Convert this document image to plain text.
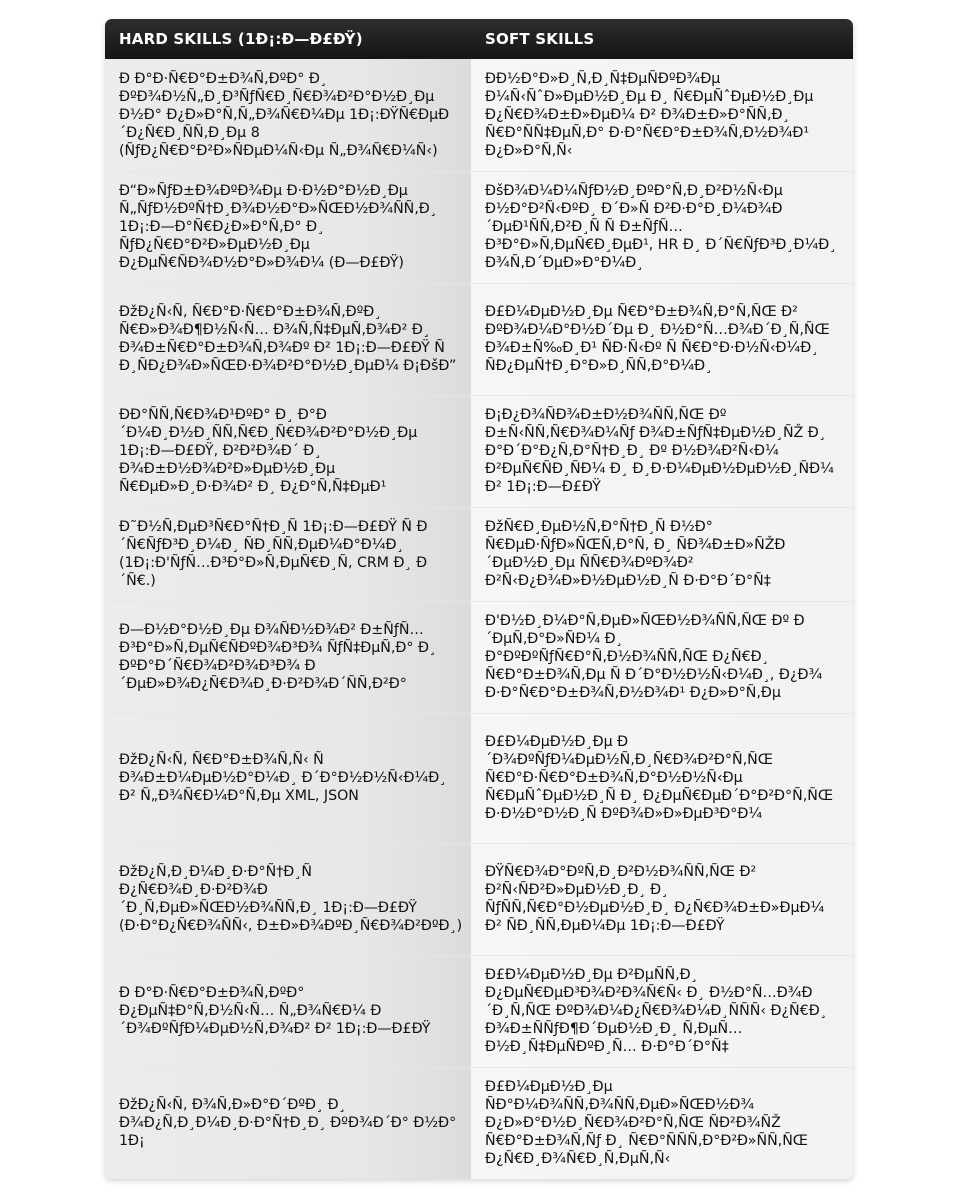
HARD SKILLS (1Ð¡:Ð—Ð£ÐŸ)	SOFT SKILLS
Ð Ð°Ð·Ñ€Ð°Ð±Ð¾Ñ‚ÐºÐ° Ð¸ ÐºÐ¾Ð½Ñ„Ð¸Ð³ÑƒÑ€Ð¸Ñ€Ð¾Ð²Ð°Ð½Ð¸Ðµ Ð½Ð° Ð¿Ð»Ð°Ñ‚Ñ„Ð¾Ñ€Ð¼Ðµ 1Ð¡:ÐŸÑ€ÐµÐ´Ð¿Ñ€Ð¸ÑÑ‚Ð¸Ðµ 8 (ÑƒÐ¿Ñ€Ð°Ð²Ð»ÑÐµÐ¼Ñ‹Ðµ Ñ„Ð¾Ñ€Ð¼Ñ‹)	ÐÐ½Ð°Ð»Ð¸Ñ‚Ð¸Ñ‡ÐµÑÐºÐ¾Ðµ Ð¼Ñ‹ÑˆÐ»ÐµÐ½Ð¸Ðµ Ð¸ Ñ€ÐµÑˆÐµÐ½Ð¸Ðµ Ð¿Ñ€Ð¾Ð±Ð»ÐµÐ¼ Ð² Ð¾Ð±Ð»Ð°ÑÑ‚Ð¸ Ñ€Ð°ÑÑ‡ÐµÑ‚Ð° Ð·Ð°Ñ€Ð°Ð±Ð¾Ñ‚Ð½Ð¾Ð¹ Ð¿Ð»Ð°Ñ‚Ñ‹
Ð“Ð»ÑƒÐ±Ð¾ÐºÐ¾Ðµ Ð·Ð½Ð°Ð½Ð¸Ðµ Ñ„ÑƒÐ½ÐºÑ†Ð¸Ð¾Ð½Ð°Ð»ÑŒÐ½Ð¾ÑÑ‚Ð¸ 1Ð¡:Ð—Ð°Ñ€Ð¿Ð»Ð°Ñ‚Ð° Ð¸ ÑƒÐ¿Ñ€Ð°Ð²Ð»ÐµÐ½Ð¸Ðµ Ð¿ÐµÑ€ÑÐ¾Ð½Ð°Ð»Ð¾Ð¼ (Ð—Ð£ÐŸ)	ÐšÐ¾Ð¼Ð¼ÑƒÐ½Ð¸ÐºÐ°Ñ‚Ð¸Ð²Ð½Ñ‹Ðµ Ð½Ð°Ð²Ñ‹ÐºÐ¸ Ð´Ð»Ñ Ð²Ð·Ð°Ð¸Ð¼Ð¾Ð´ÐµÐ¹ÑÑ‚Ð²Ð¸Ñ Ñ Ð±ÑƒÑ…Ð³Ð°Ð»Ñ‚ÐµÑ€Ð¸ÐµÐ¹, HR Ð¸ Ð´Ñ€ÑƒÐ³Ð¸Ð¼Ð¸ Ð¾Ñ‚Ð´ÐµÐ»Ð°Ð¼Ð¸
ÐžÐ¿Ñ‹Ñ‚ Ñ€Ð°Ð·Ñ€Ð°Ð±Ð¾Ñ‚ÐºÐ¸ Ñ€Ð»Ð¾Ð¶Ð½Ñ‹Ñ… Ð¾Ñ‚Ñ‡ÐµÑ‚Ð¾Ð² Ð¸ Ð¾Ð±Ñ€Ð°Ð±Ð¾Ñ‚Ð¾Ðº Ð² 1Ð¡:Ð—Ð£ÐŸ Ñ Ð¸ÑÐ¿Ð¾Ð»ÑŒÐ·Ð¾Ð²Ð°Ð½Ð¸ÐµÐ¼ Ð¡ÐšÐ”	Ð£Ð¼ÐµÐ½Ð¸Ðµ Ñ€Ð°Ð±Ð¾Ñ‚Ð°Ñ‚ÑŒ Ð² ÐºÐ¾Ð¼Ð°Ð½Ð´Ðµ Ð¸ Ð½Ð°Ñ…Ð¾Ð´Ð¸Ñ‚ÑŒ Ð¾Ð±Ñ‰Ð¸Ð¹ ÑÐ·Ñ‹Ðº Ñ Ñ€Ð°Ð·Ð½Ñ‹Ð¼Ð¸ ÑÐ¿ÐµÑ†Ð¸Ð°Ð»Ð¸ÑÑ‚Ð°Ð¼Ð¸
ÐÐ°ÑÑ‚Ñ€Ð¾Ð¹ÐºÐ° Ð¸ Ð°Ð´Ð¼Ð¸Ð½Ð¸ÑÑ‚Ñ€Ð¸Ñ€Ð¾Ð²Ð°Ð½Ð¸Ðµ 1Ð¡:Ð—Ð£ÐŸ, Ð²Ð²Ð¾Ð´ Ð¸ Ð¾Ð±Ð½Ð¾Ð²Ð»ÐµÐ½Ð¸Ðµ Ñ€ÐµÐ»Ð¸Ð·Ð¾Ð² Ð¸ Ð¿Ð°Ñ‚Ñ‡ÐµÐ¹	Ð¡Ð¿Ð¾ÑÐ¾Ð±Ð½Ð¾ÑÑ‚ÑŒ Ðº Ð±Ñ‹ÑÑ‚Ñ€Ð¾Ð¼Ñƒ Ð¾Ð±ÑƒÑ‡ÐµÐ½Ð¸ÑŽ Ð¸ Ð°Ð´Ð°Ð¿Ñ‚Ð°Ñ†Ð¸Ð¸ Ðº Ð½Ð¾Ð²Ñ‹Ð¼ Ð²ÐµÑ€ÑÐ¸ÑÐ¼ Ð¸ Ð¸Ð·Ð¼ÐµÐ½ÐµÐ½Ð¸ÑÐ¼ Ð² 1Ð¡:Ð—Ð£ÐŸ
Ð˜Ð½Ñ‚ÐµÐ³Ñ€Ð°Ñ†Ð¸Ñ 1Ð¡:Ð—Ð£ÐŸ Ñ Ð´Ñ€ÑƒÐ³Ð¸Ð¼Ð¸ ÑÐ¸ÑÑ‚ÐµÐ¼Ð°Ð¼Ð¸ (1Ð¡:Ð'ÑƒÑ…Ð³Ð°Ð»Ñ‚ÐµÑ€Ð¸Ñ, CRM Ð¸ Ð´Ñ€.)	ÐžÑ€Ð¸ÐµÐ½Ñ‚Ð°Ñ†Ð¸Ñ Ð½Ð° Ñ€ÐµÐ·ÑƒÐ»ÑŒÑ‚Ð°Ñ‚ Ð¸ ÑÐ¾Ð±Ð»ÑŽÐ´ÐµÐ½Ð¸Ðµ ÑÑ€Ð¾ÐºÐ¾Ð² Ð²Ñ‹Ð¿Ð¾Ð»Ð½ÐµÐ½Ð¸Ñ Ð·Ð°Ð´Ð°Ñ‡
Ð—Ð½Ð°Ð½Ð¸Ðµ Ð¾ÑÐ½Ð¾Ð² Ð±ÑƒÑ…Ð³Ð°Ð»Ñ‚ÐµÑ€ÑÐºÐ¾Ð³Ð¾ ÑƒÑ‡ÐµÑ‚Ð° Ð¸ ÐºÐ°Ð´Ñ€Ð¾Ð²Ð¾Ð³Ð¾ Ð´ÐµÐ»Ð¾Ð¿Ñ€Ð¾Ð¸Ð·Ð²Ð¾Ð´ÑÑ‚Ð²Ð°	Ð'Ð½Ð¸Ð¼Ð°Ñ‚ÐµÐ»ÑŒÐ½Ð¾ÑÑ‚ÑŒ Ðº Ð´ÐµÑ‚Ð°Ð»ÑÐ¼ Ð¸ Ð°ÐºÐºÑƒÑ€Ð°Ñ‚Ð½Ð¾ÑÑ‚ÑŒ Ð¿Ñ€Ð¸ Ñ€Ð°Ð±Ð¾Ñ‚Ðµ Ñ Ð´Ð°Ð½Ð½Ñ‹Ð¼Ð¸, Ð¿Ð¾ Ð·Ð°Ñ€Ð°Ð±Ð¾Ñ‚Ð½Ð¾Ð¹ Ð¿Ð»Ð°Ñ‚Ðµ
ÐžÐ¿Ñ‹Ñ‚ Ñ€Ð°Ð±Ð¾Ñ‚Ñ‹ Ñ Ð¾Ð±Ð¼ÐµÐ½Ð°Ð¼Ð¸ Ð´Ð°Ð½Ð½Ñ‹Ð¼Ð¸ Ð² Ñ„Ð¾Ñ€Ð¼Ð°Ñ‚Ðµ XML, JSON	Ð£Ð¼ÐµÐ½Ð¸Ðµ Ð´Ð¾ÐºÑƒÐ¼ÐµÐ½Ñ‚Ð¸Ñ€Ð¾Ð²Ð°Ñ‚ÑŒ Ñ€Ð°Ð·Ñ€Ð°Ð±Ð¾Ñ‚Ð°Ð½Ð½Ñ‹Ðµ Ñ€ÐµÑˆÐµÐ½Ð¸Ñ Ð¸ Ð¿ÐµÑ€ÐµÐ´Ð°Ð²Ð°Ñ‚ÑŒ Ð·Ð½Ð°Ð½Ð¸Ñ ÐºÐ¾Ð»Ð»ÐµÐ³Ð°Ð¼
ÐžÐ¿Ñ‚Ð¸Ð¼Ð¸Ð·Ð°Ñ†Ð¸Ñ Ð¿Ñ€Ð¾Ð¸Ð·Ð²Ð¾Ð´Ð¸Ñ‚ÐµÐ»ÑŒÐ½Ð¾ÑÑ‚Ð¸ 1Ð¡:Ð—Ð£ÐŸ (Ð·Ð°Ð¿Ñ€Ð¾ÑÑ‹, Ð±Ð»Ð¾ÐºÐ¸Ñ€Ð¾Ð²ÐºÐ¸)	ÐŸÑ€Ð¾Ð°ÐºÑ‚Ð¸Ð²Ð½Ð¾ÑÑ‚ÑŒ Ð² Ð²Ñ‹ÑÐ²Ð»ÐµÐ½Ð¸Ð¸ Ð¸ ÑƒÑÑ‚Ñ€Ð°Ð½ÐµÐ½Ð¸Ð¸ Ð¿Ñ€Ð¾Ð±Ð»ÐµÐ¼ Ð² ÑÐ¸ÑÑ‚ÐµÐ¼Ðµ 1Ð¡:Ð—Ð£ÐŸ
Ð Ð°Ð·Ñ€Ð°Ð±Ð¾Ñ‚ÐºÐ° Ð¿ÐµÑ‡Ð°Ñ‚Ð½Ñ‹Ñ… Ñ„Ð¾Ñ€Ð¼ Ð´Ð¾ÐºÑƒÐ¼ÐµÐ½Ñ‚Ð¾Ð² Ð² 1Ð¡:Ð—Ð£ÐŸ	Ð£Ð¼ÐµÐ½Ð¸Ðµ Ð²ÐµÑÑ‚Ð¸ Ð¿ÐµÑ€ÐµÐ³Ð¾Ð²Ð¾Ñ€Ñ‹ Ð¸ Ð½Ð°Ñ…Ð¾Ð´Ð¸Ñ‚ÑŒ ÐºÐ¾Ð¼Ð¿Ñ€Ð¾Ð¼Ð¸ÑÑÑ‹ Ð¿Ñ€Ð¸ Ð¾Ð±ÑÑƒÐ¶Ð´ÐµÐ½Ð¸Ð¸ Ñ‚ÐµÑ…Ð½Ð¸Ñ‡ÐµÑÐºÐ¸Ñ… Ð·Ð°Ð´Ð°Ñ‡
ÐžÐ¿Ñ‹Ñ‚ Ð¾Ñ‚Ð»Ð°Ð´ÐºÐ¸ Ð¸ Ð¾Ð¿Ñ‚Ð¸Ð¼Ð¸Ð·Ð°Ñ†Ð¸Ð¸ ÐºÐ¾Ð´Ð° Ð½Ð° 1Ð¡	Ð£Ð¼ÐµÐ½Ð¸Ðµ ÑÐ°Ð¼Ð¾ÑÑ‚Ð¾ÑÑ‚ÐµÐ»ÑŒÐ½Ð¾ Ð¿Ð»Ð°Ð½Ð¸Ñ€Ð¾Ð²Ð°Ñ‚ÑŒ ÑÐ²Ð¾ÑŽ Ñ€Ð°Ð±Ð¾Ñ‚Ñƒ Ð¸ Ñ€Ð°ÑÑÑ‚Ð°Ð²Ð»ÑÑ‚ÑŒ Ð¿Ñ€Ð¸Ð¾Ñ€Ð¸Ñ‚ÐµÑ‚Ñ‹
